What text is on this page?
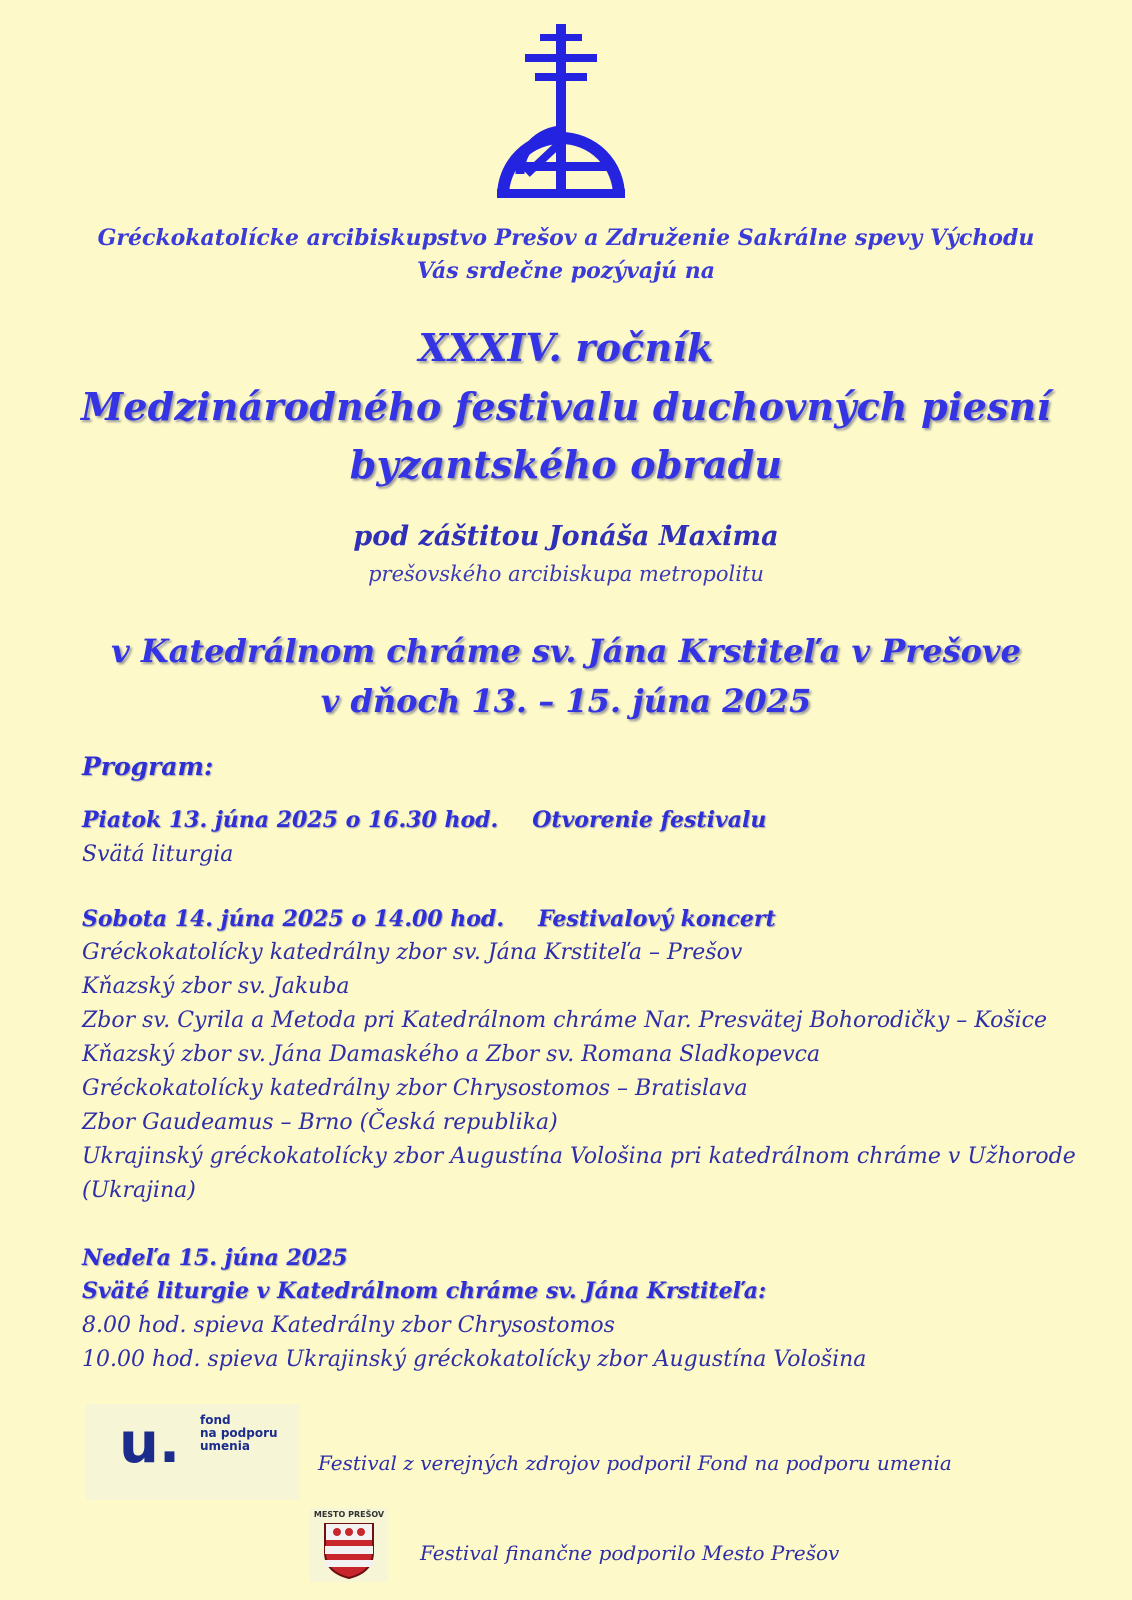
Gréckokatolícke arcibiskupstvo Prešov a Združenie Sakrálne spevy Východu
Vás srdečne pozývajú na
XXXIV. ročník
Medzinárodného festivalu duchovných piesní
byzantského obradu
pod záštitou Jonáša Maxima
prešovského arcibiskupa metropolitu
v Katedrálnom chráme sv. Jána Krstiteľa v Prešove
v dňoch 13. – 15. júna 2025
Program:
Piatok 13. júna 2025 o 16.30 hod. Otvorenie festivalu
Svätá liturgia
Sobota 14. júna 2025 o 14.00 hod. Festivalový koncert
Gréckokatolícky katedrálny zbor sv. Jána Krstiteľa – Prešov
Kňazský zbor sv. Jakuba
Zbor sv. Cyrila a Metoda pri Katedrálnom chráme Nar. Presvätej Bohorodičky – Košice
Kňazský zbor sv. Jána Damaského a Zbor sv. Romana Sladkopevca
Gréckokatolícky katedrálny zbor Chrysostomos – Bratislava
Zbor Gaudeamus – Brno (Česká republika)
Ukrajinský gréckokatolícky zbor Augustína Vološina pri katedrálnom chráme v Užhorode
(Ukrajina)
Nedeľa 15. júna 2025
Sväté liturgie v Katedrálnom chráme sv. Jána Krstiteľa:
8.00 hod. spieva Katedrálny zbor Chrysostomos
10.00 hod. spieva Ukrajinský gréckokatolícky zbor Augustína Vološina
u. fond
na podporu
umenia
Festival z verejných zdrojov podporil Fond na podporu umenia
MESTO PREŠOV
Festival finančne podporilo Mesto Prešov
